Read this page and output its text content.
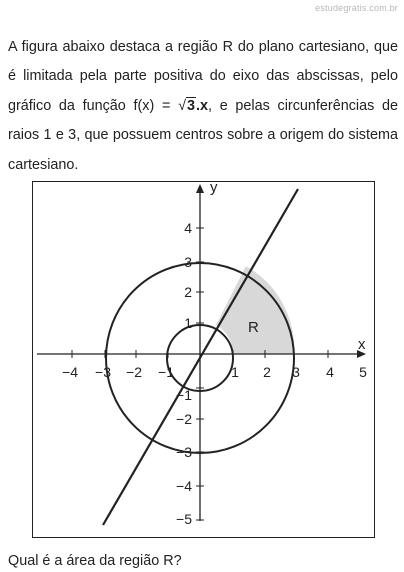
estudegratis.com.br
A figura abaixo destaca a região R do plano cartesiano, que é limitada pela parte positiva do eixo das abscissas, pelo gráfico da função f(x) = √3.x, e pelas circunferências de raios 1 e 3, que possuem centros sobre a origem do sistema cartesiano.
y
x
R
−4 −3 −2 −1	1 2 3 4 5
4
3
2
1
−1
−2
−3
−4
−5
Qual é a área da região R?
